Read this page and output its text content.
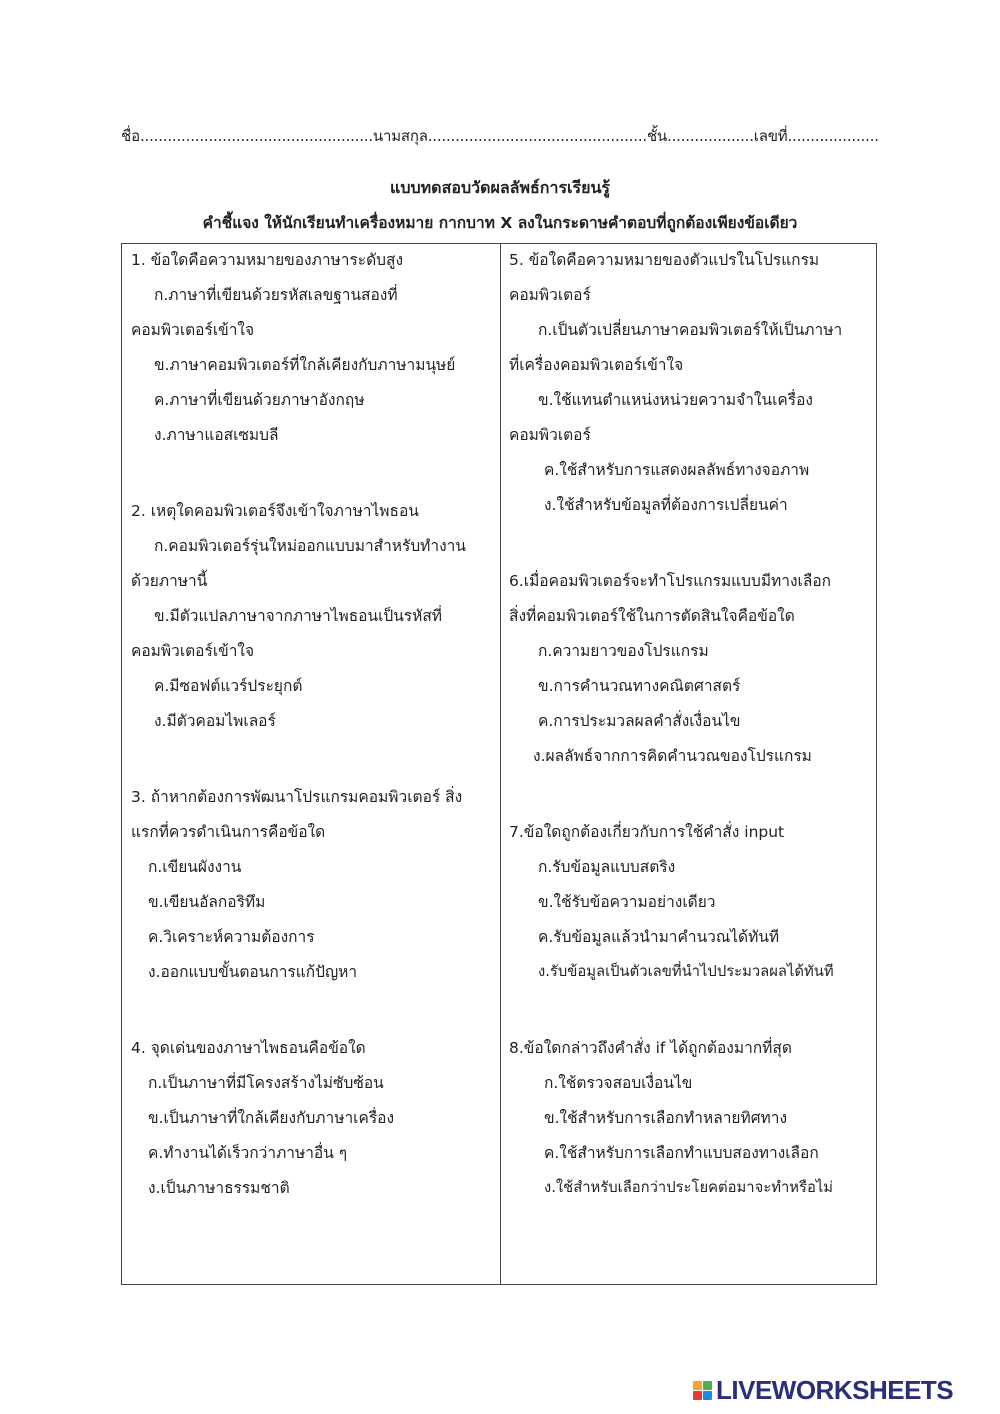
ชื่อ...................................................นามสกุล................................................ชั้น...................เลขที่....................
แบบทดสอบวัดผลลัพธ์การเรียนรู้
คำชี้แจง ให้นักเรียนทำเครื่องหมาย กากบาท X ลงในกระดาษคำตอบที่ถูกต้องเพียงข้อเดียว
1. ข้อใดคือความหมายของภาษาระดับสูง
ก.ภาษาที่เขียนด้วยรหัสเลขฐานสองที่
คอมพิวเตอร์เข้าใจ
ข.ภาษาคอมพิวเตอร์ที่ใกล้เคียงกับภาษามนุษย์
ค.ภาษาที่เขียนด้วยภาษาอังกฤษ
ง.ภาษาแอสเซมบลี
2. เหตุใดคอมพิวเตอร์จึงเข้าใจภาษาไพธอน
ก.คอมพิวเตอร์รุ่นใหม่ออกแบบมาสำหรับทำงาน
ด้วยภาษานี้
ข.มีตัวแปลภาษาจากภาษาไพธอนเป็นรหัสที่
คอมพิวเตอร์เข้าใจ
ค.มีซอฟต์แวร์ประยุกต์
ง.มีตัวคอมไพเลอร์
3. ถ้าหากต้องการพัฒนาโปรแกรมคอมพิวเตอร์ สิ่ง
แรกที่ควรดำเนินการคือข้อใด
ก.เขียนผังงาน
ข.เขียนอัลกอริทึม
ค.วิเคราะห์ความต้องการ
ง.ออกแบบขั้นตอนการแก้ปัญหา
4. จุดเด่นของภาษาไพธอนคือข้อใด
ก.เป็นภาษาที่มีโครงสร้างไม่ซับซ้อน
ข.เป็นภาษาที่ใกล้เคียงกับภาษาเครื่อง
ค.ทำงานได้เร็วกว่าภาษาอื่น ๆ
ง.เป็นภาษาธรรมชาติ
5. ข้อใดคือความหมายของตัวแปรในโปรแกรม
คอมพิวเตอร์
ก.เป็นตัวเปลี่ยนภาษาคอมพิวเตอร์ให้เป็นภาษา
ที่เครื่องคอมพิวเตอร์เข้าใจ
ข.ใช้แทนตำแหน่งหน่วยความจำในเครื่อง
คอมพิวเตอร์
ค.ใช้สำหรับการแสดงผลลัพธ์ทางจอภาพ
ง.ใช้สำหรับข้อมูลที่ต้องการเปลี่ยนค่า
6.เมื่อคอมพิวเตอร์จะทำโปรแกรมแบบมีทางเลือก
สิ่งที่คอมพิวเตอร์ใช้ในการตัดสินใจคือข้อใด
ก.ความยาวของโปรแกรม
ข.การคำนวณทางคณิตศาสตร์
ค.การประมวลผลคำสั่งเงื่อนไข
ง.ผลลัพธ์จากการคิดคำนวณของโปรแกรม
7.ข้อใดถูกต้องเกี่ยวกับการใช้คำสั่ง input
ก.รับข้อมูลแบบสตริง
ข.ใช้รับข้อความอย่างเดียว
ค.รับข้อมูลแล้วนำมาคำนวณได้ทันที
ง.รับข้อมูลเป็นตัวเลขที่นำไปประมวลผลได้ทันที
8.ข้อใดกล่าวถึงคำสั่ง if ได้ถูกต้องมากที่สุด
ก.ใช้ตรวจสอบเงื่อนไข
ข.ใช้สำหรับการเลือกทำหลายทิศทาง
ค.ใช้สำหรับการเลือกทำแบบสองทางเลือก
ง.ใช้สำหรับเลือกว่าประโยคต่อมาจะทำหรือไม่
LIVEWORKSHEETS
